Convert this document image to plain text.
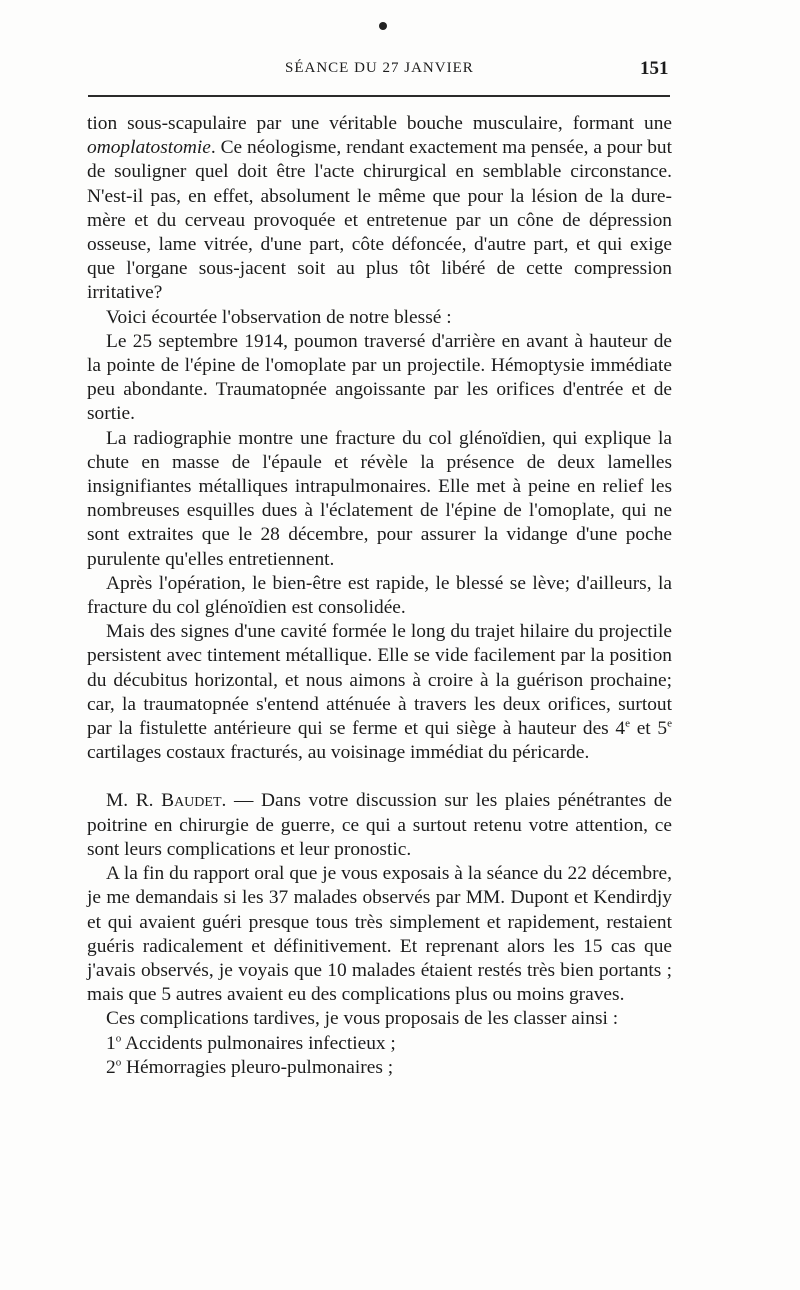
SÉANCE DU 27 JANVIER	151

tion sous-scapulaire par une véritable bouche musculaire, formant une omoplatostomie. Ce néologisme, rendant exactement ma pensée, a pour but de souligner quel doit être l'acte chirurgical en semblable circonstance. N'est-il pas, en effet, absolument le même que pour la lésion de la dure-mère et du cerveau provoquée et entretenue par un cône de dépression osseuse, lame vitrée, d'une part, côte défoncée, d'autre part, et qui exige que l'organe sous-jacent soit au plus tôt libéré de cette compression irritative?

Voici écourtée l'observation de notre blessé :

Le 25 septembre 1914, poumon traversé d'arrière en avant à hauteur de la pointe de l'épine de l'omoplate par un projectile. Hémoptysie immédiate peu abondante. Traumatopnée angoissante par les orifices d'entrée et de sortie.

La radiographie montre une fracture du col glénoïdien, qui explique la chute en masse de l'épaule et révèle la présence de deux lamelles insignifiantes métalliques intrapulmonaires. Elle met à peine en relief les nombreuses esquilles dues à l'éclatement de l'épine de l'omoplate, qui ne sont extraites que le 28 décembre, pour assurer la vidange d'une poche purulente qu'elles entretiennent.

Après l'opération, le bien-être est rapide, le blessé se lève; d'ailleurs, la fracture du col glénoïdien est consolidée.

Mais des signes d'une cavité formée le long du trajet hilaire du projectile persistent avec tintement métallique. Elle se vide facilement par la position du décubitus horizontal, et nous aimons à croire à la guérison prochaine; car, la traumatopnée s'entend atténuée à travers les deux orifices, surtout par la fistulette antérieure qui se ferme et qui siège à hauteur des 4e et 5e cartilages costaux fracturés, au voisinage immédiat du péricarde.

M. R. Baudet. — Dans votre discussion sur les plaies pénétrantes de poitrine en chirurgie de guerre, ce qui a surtout retenu votre attention, ce sont leurs complications et leur pronostic.

A la fin du rapport oral que je vous exposais à la séance du 22 décembre, je me demandais si les 37 malades observés par MM. Dupont et Kendirdjy et qui avaient guéri presque tous très simplement et rapidement, restaient guéris radicalement et définitivement. Et reprenant alors les 15 cas que j'avais observés, je voyais que 10 malades étaient restés très bien portants ; mais que 5 autres avaient eu des complications plus ou moins graves.

Ces complications tardives, je vous proposais de les classer ainsi :

1$^o$ Accidents pulmonaires infectieux ;

2$^o$ Hémorragies pleuro-pulmonaires ;
